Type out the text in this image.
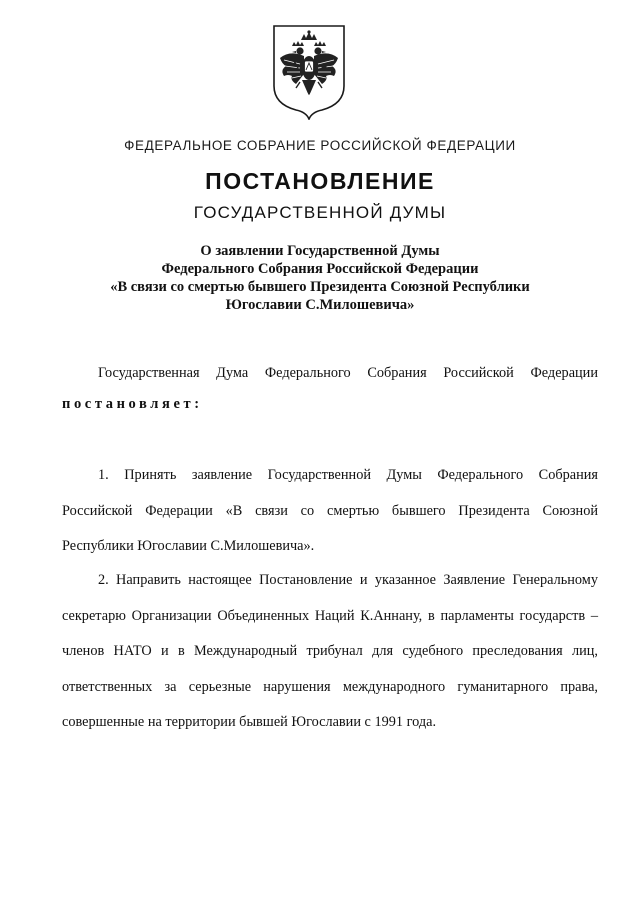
ФЕДЕРАЛЬНОЕ СОБРАНИЕ РОССИЙСКОЙ ФЕДЕРАЦИИ
ПОСТАНОВЛЕНИЕ
ГОСУДАРСТВЕННОЙ ДУМЫ
О заявлении Государственной Думы
Федерального Собрания Российской Федерации
«В связи со смертью бывшего Президента Союзной Республики
Югославии С.Милошевича»
Государственная Дума Федерального Собрания Российской Федерации
постановляет:
1. Принять заявление Государственной Думы Федерального Собрания Российской Федерации «В связи со смертью бывшего Президента Союзной Республики Югославии С.Милошевича».
2. Направить настоящее Постановление и указанное Заявление Генеральному секретарю Организации Объединенных Наций К.Аннану, в парламенты государств – членов НАТО и в Международный трибунал для судебного преследования лиц, ответственных за серьезные нарушения международного гуманитарного права, совершенные на территории бывшей Югославии с 1991 года.
